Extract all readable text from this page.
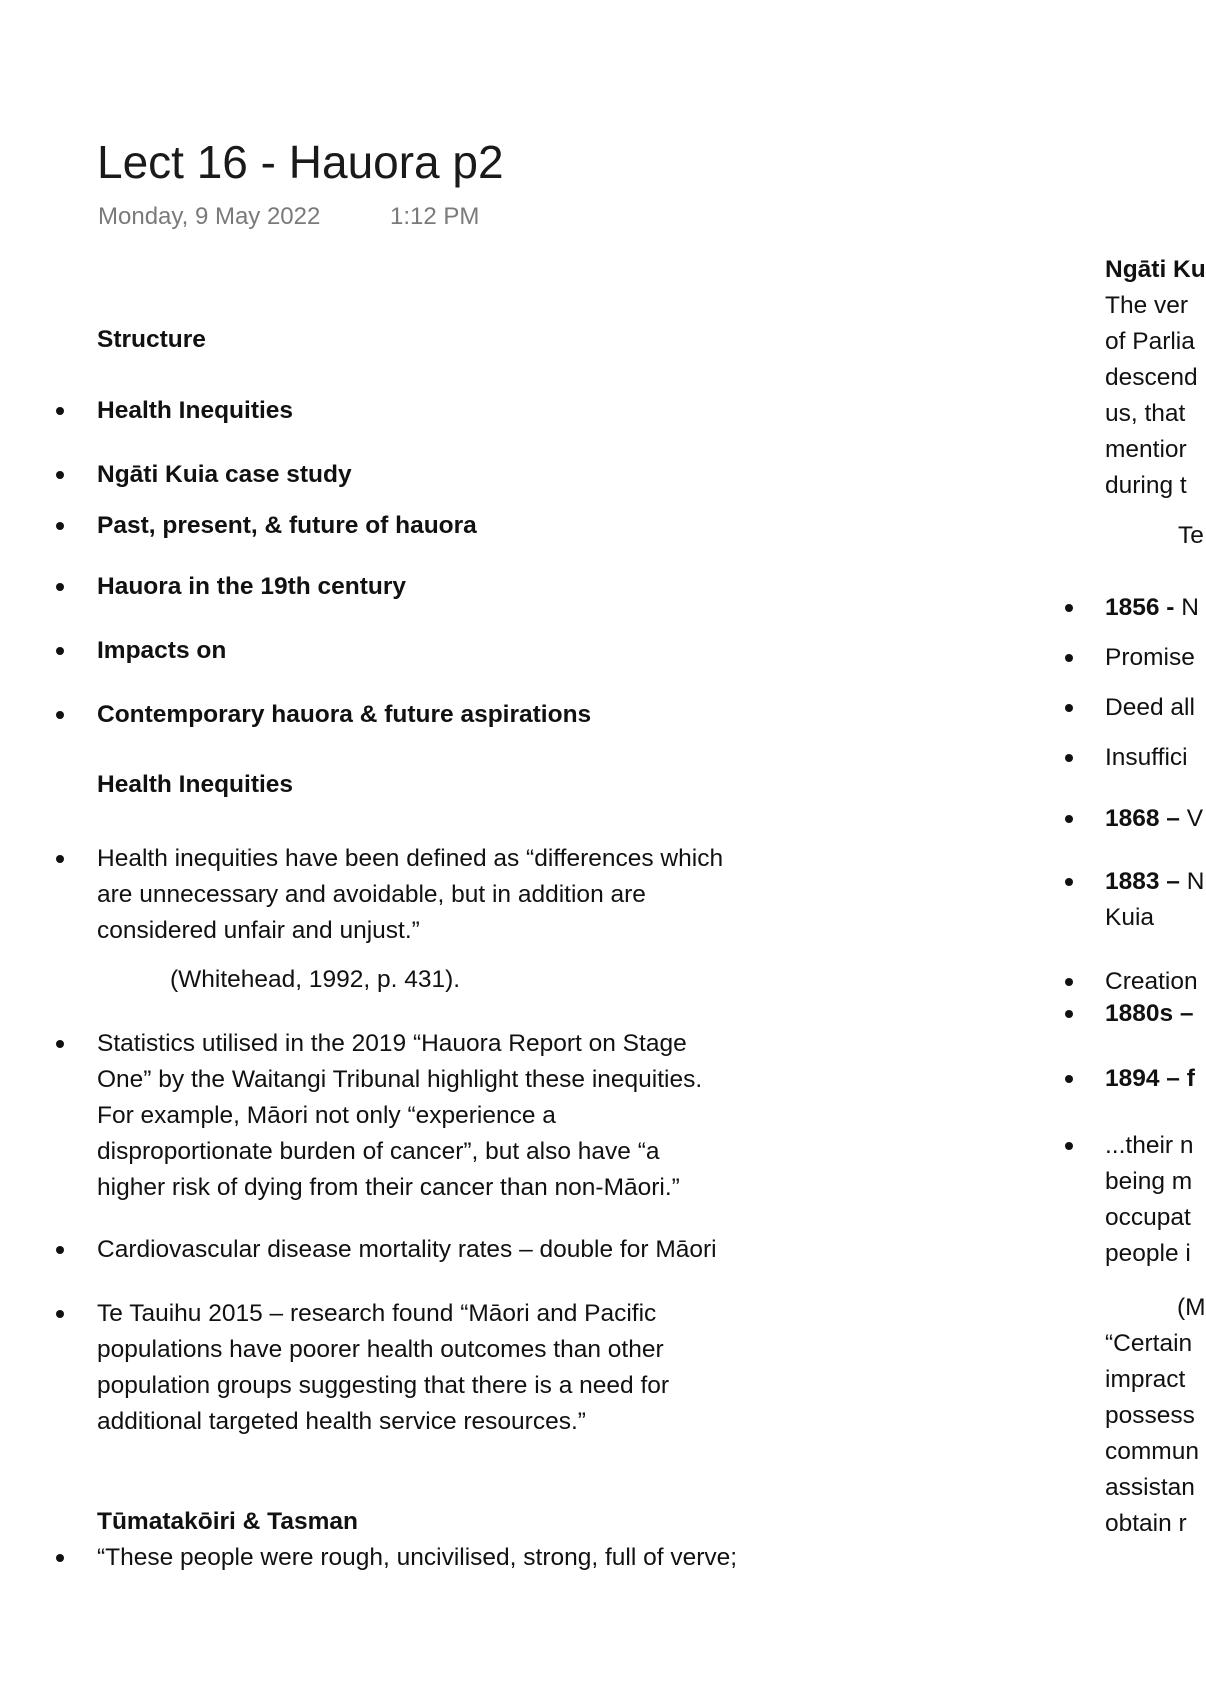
Lect 16 - Hauora p2
Monday, 9 May 2022	1:12 PM
Structure
Health Inequities
Ngāti Kuia case study
Past, present, & future of hauora
Hauora in the 19th century
Impacts on
Contemporary hauora & future aspirations
Health Inequities
Health inequities have been defined as “differences which
are unnecessary and avoidable, but in addition are
considered unfair and unjust.”
(Whitehead, 1992, p. 431).
Statistics utilised in the 2019 “Hauora Report on Stage
One” by the Waitangi Tribunal highlight these inequities.
For example, Māori not only “experience a
disproportionate burden of cancer”, but also have “a
higher risk of dying from their cancer than non-Māori.”
Cardiovascular disease mortality rates – double for Māori
Te Tauihu 2015 – research found “Māori and Pacific
populations have poorer health outcomes than other
population groups suggesting that there is a need for
additional targeted health service resources.”
Tūmatakōiri & Tasman
“These people were rough, uncivilised, strong, full of verve;
Ngāti Ku
The ver
of Parlia
descend
us, that
mentior
during t
Te
1856 - N
Promise
Deed all
Insuffici
1868 – V
1883 – N
Kuia
Creation
1880s –
1894 – f
...their n
being m
occupat
people i
(M
“Certain
impract
possess
commun
assistan
obtain r
